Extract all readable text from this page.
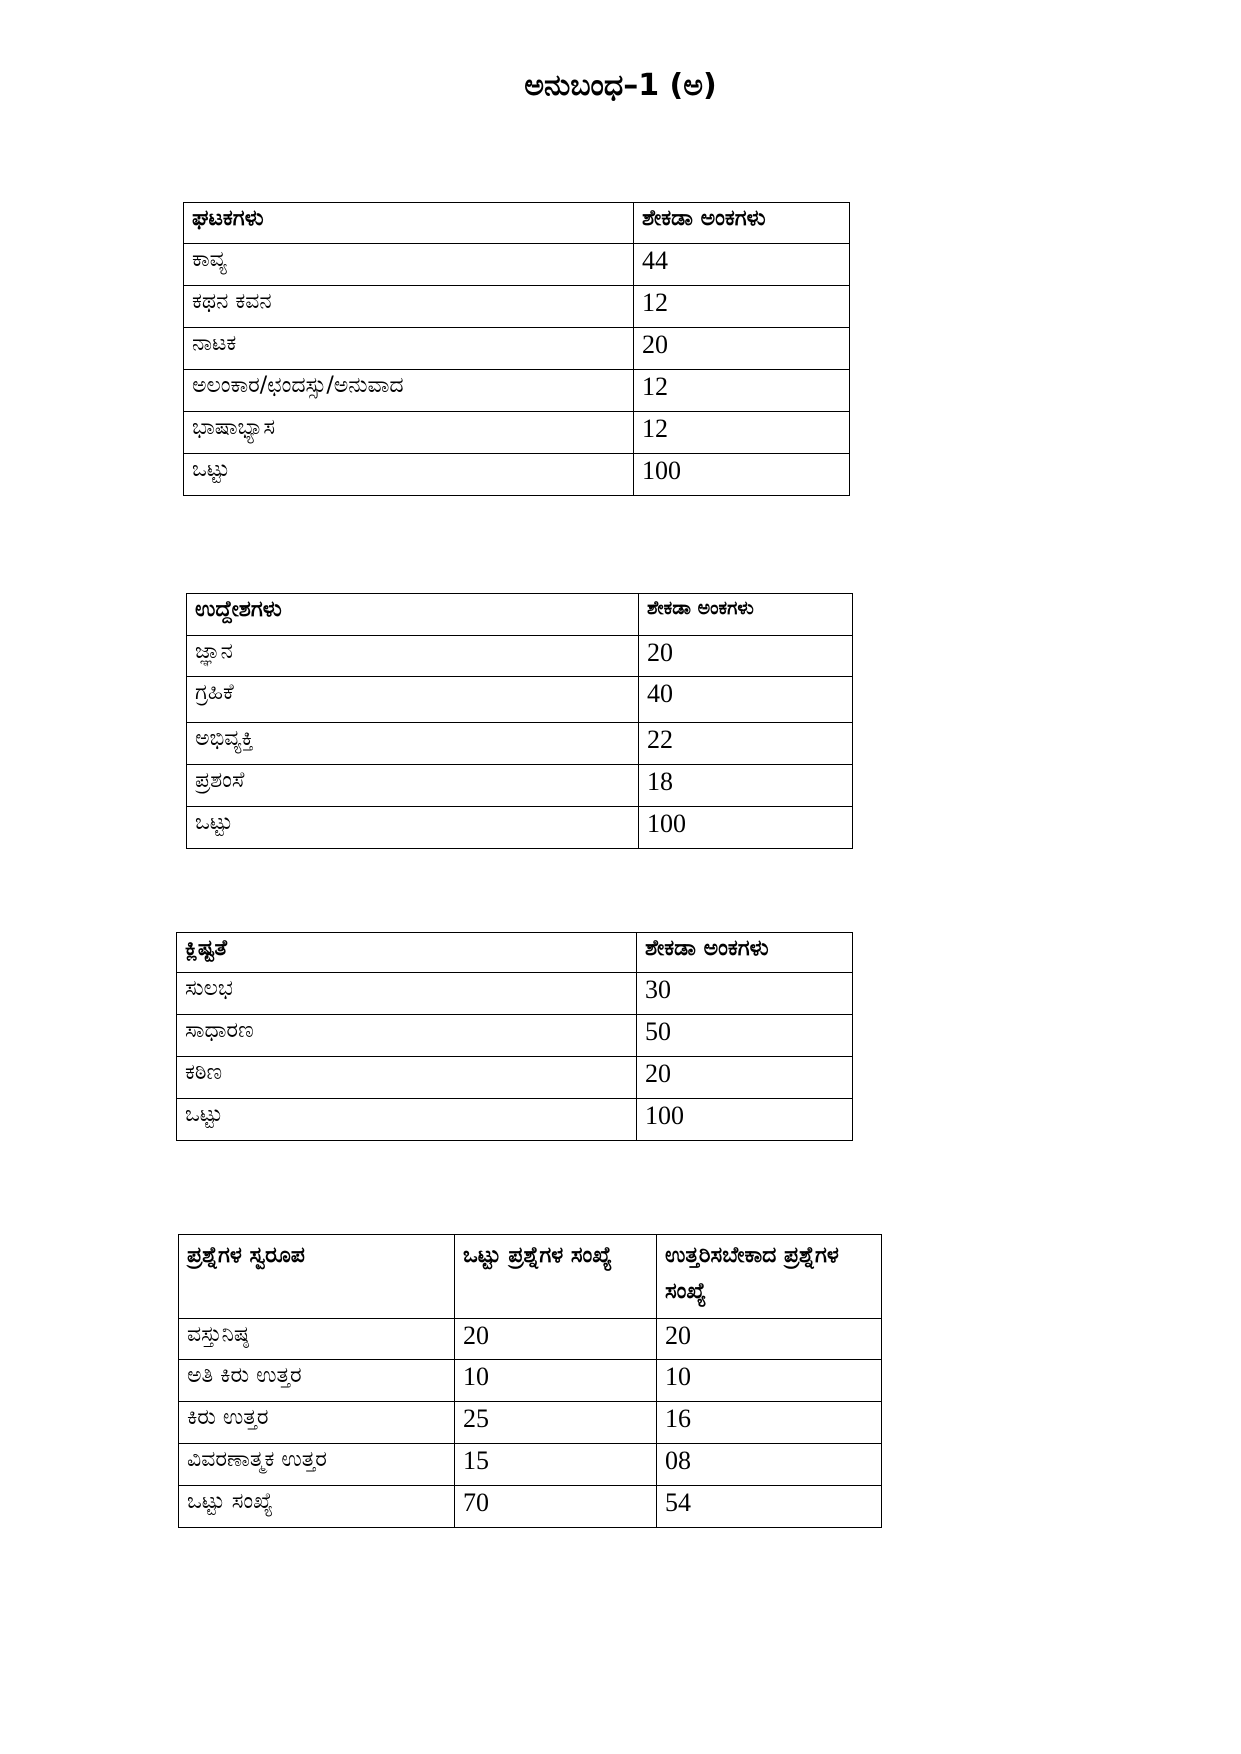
ಅನುಬಂಧ–1 (ಅ)
ಘಟಕಗಳು	ಶೇಕಡಾ ಅಂಕಗಳು
ಕಾವ್ಯ	44
ಕಥನ ಕವನ	12
ನಾಟಕ	20
ಅಲಂಕಾರ/ಛಂದಸ್ಸು/ಅನುವಾದ	12
ಭಾಷಾಭ್ಯಾಸ	12
ಒಟ್ಟು	100
ಉದ್ದೇಶಗಳು	ಶೇಕಡಾ ಅಂಕಗಳು
ಜ್ಞಾನ	20
ಗ್ರಹಿಕೆ	40
ಅಭಿವ್ಯಕ್ತಿ	22
ಪ್ರಶಂಸೆ	18
ಒಟ್ಟು	100
ಕ್ಲಿಷ್ಟತೆ	ಶೇಕಡಾ ಅಂಕಗಳು
ಸುಲಭ	30
ಸಾಧಾರಣ	50
ಕಠಿಣ	20
ಒಟ್ಟು	100
ಪ್ರಶ್ನೆಗಳ ಸ್ವರೂಪ	ಒಟ್ಟು ಪ್ರಶ್ನೆಗಳ ಸಂಖ್ಯೆ	ಉತ್ತರಿಸಬೇಕಾದ ಪ್ರಶ್ನೆಗಳ ಸಂಖ್ಯೆ
ವಸ್ತುನಿಷ್ಠ	20	20
ಅತಿ ಕಿರು ಉತ್ತರ	10	10
ಕಿರು ಉತ್ತರ	25	16
ವಿವರಣಾತ್ಮಕ ಉತ್ತರ	15	08
ಒಟ್ಟು ಸಂಖ್ಯೆ	70	54
